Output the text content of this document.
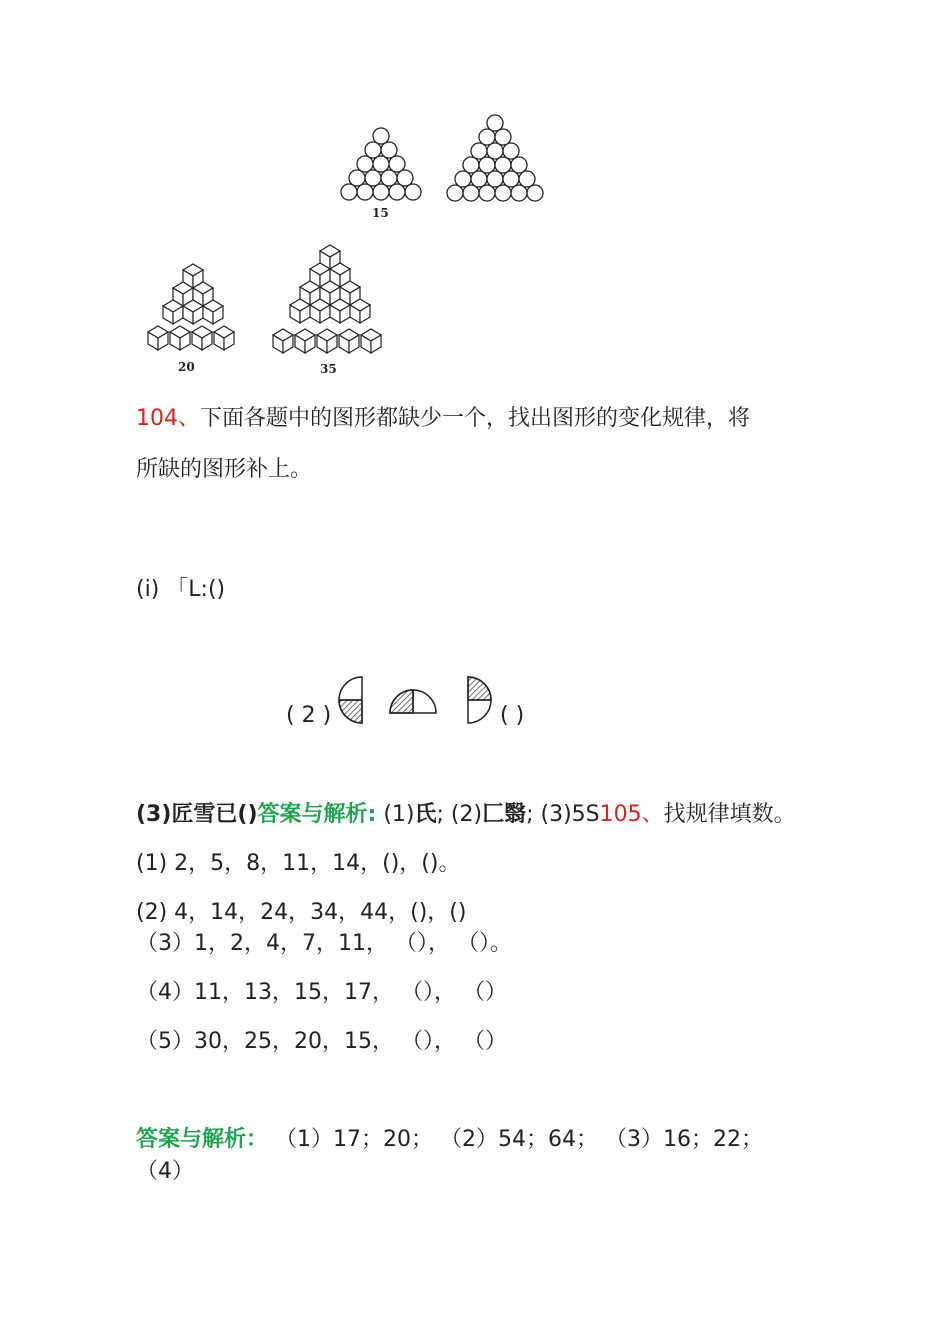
15
20	35
104、下面各题中的图形都缺少一个，找出图形的变化规律，将
所缺的图形补上。
(i) 「L:()
( 2 )	( )
(3)匠雪已()答案与解析: (1)氏; (2)匚翳; (3)5S105、找规律填数。
(1) 2，5，8，11，14，()，()。
(2) 4，14，24，34，44，()，()
（3）1，2，4，7，11， （）， （）。
（4）11，13，15，17， （）， （）
（5）30，25，20，15， （）， （）
答案与解析： （1）17；20； （2）54；64； （3）16；22；
（4）
